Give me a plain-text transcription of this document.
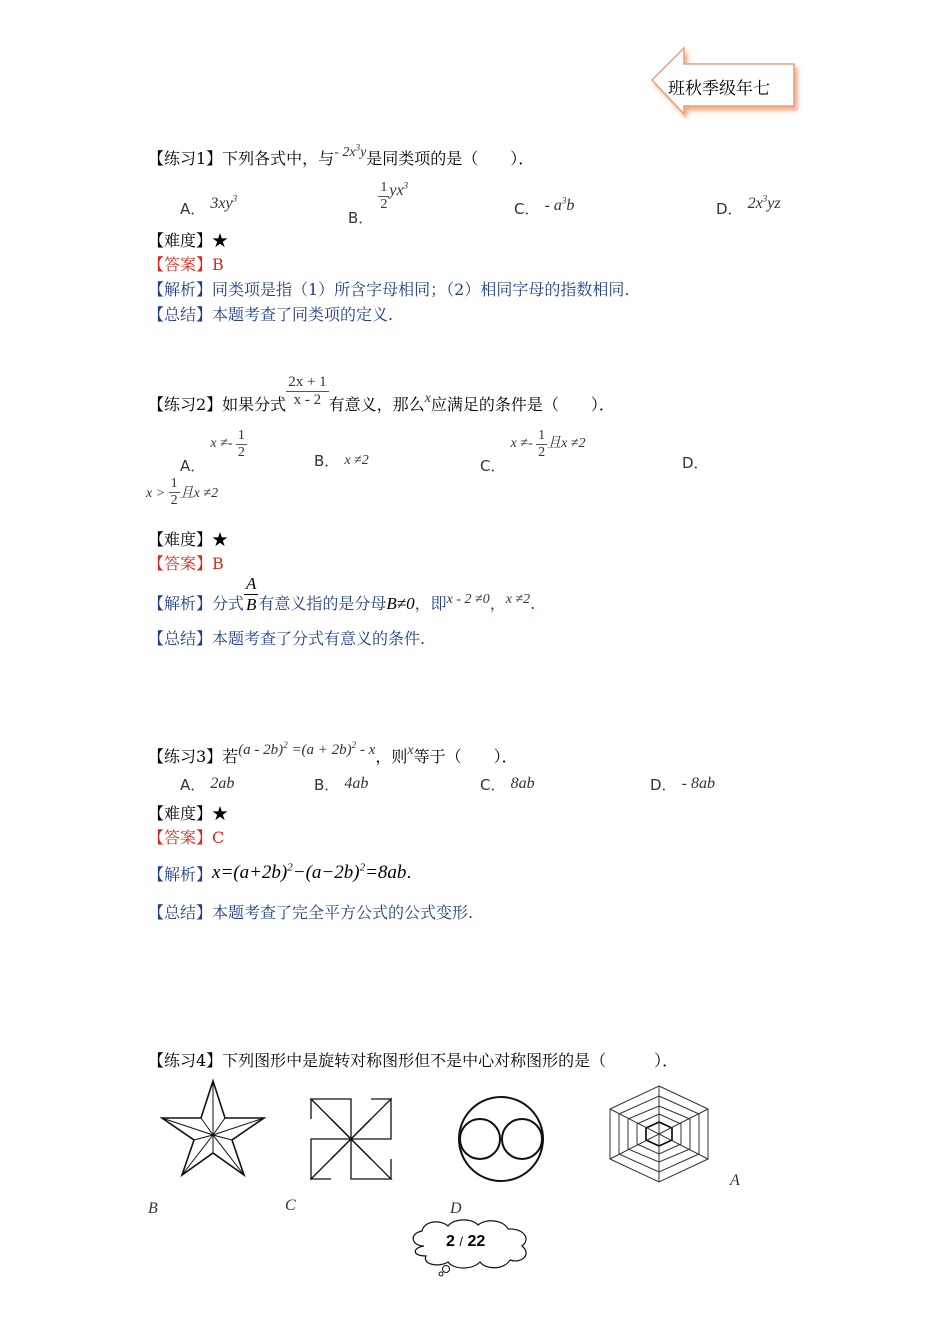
班秋季级年七
【练习1】下列各式中，与- $2x^3y$是同类项的是（　　）．
A． $3xy^3$
B．
$\frac{1}{2} yx^3$
C． - $a^3b$	D． $2x^3yz$
【难度】★
【答案】B
【解析】同类项是指（1）所含字母相同；（2）相同字母的指数相同.
【总结】本题考查了同类项的定义.
【练习2】如果分式 $\frac{2x + 1}{x - 2}$ 有意义，那么x应满足的条件是（　　）．
A． $x \ne- \frac{1}{2}$	B． x ≠2	C． $x \ne- \frac{1}{2}$ 且x ≠2
D．
$x > \frac{1}{2}$ 且x ≠2
【难度】★
【答案】B
【解析】分式 $\frac{A}{B}$ 有意义指的是分母B≠0，即x - 2 ≠0，x ≠2.
【总结】本题考查了分式有意义的条件.
【练习3】若$(a - 2b)^2 =(a + 2b)^2 - x$，则x等于（　　）．
A． 2ab	B． 4ab	C． 8ab	D． - 8ab
【难度】★
【答案】C
【解析】$x=(a+2b)^2-(a-2b)^2=8ab$.
【总结】本题考查了完全平方公式的公式变形.
【练习4】下列图形中是旋转对称图形但不是中心对称图形的是（　　　）．
A
B	C	D
2 / 22
